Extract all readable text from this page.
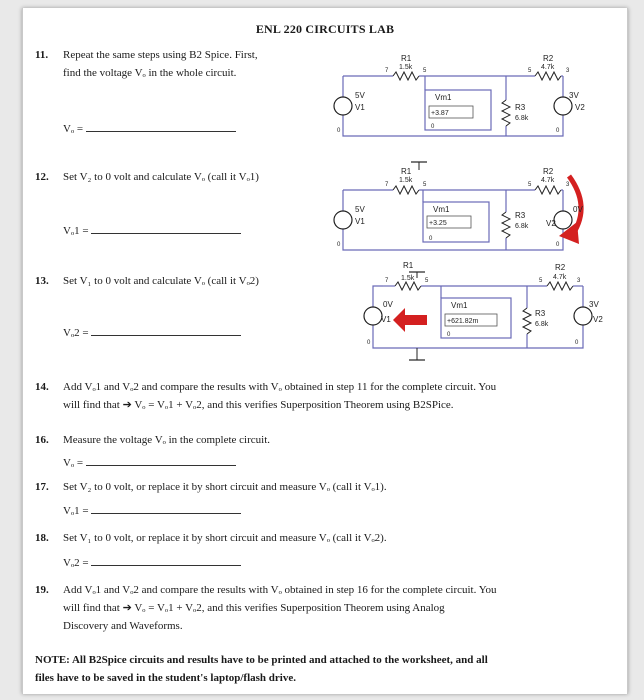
ENL 220 CIRCUITS LAB
11. Repeat the same steps using B2 Spice. First,
find the voltage Vₒ in the whole circuit.
Vₒ =
12. Set V₂ to 0 volt and calculate Vₒ (call it Vₒ1)
Vₒ1 =
13. Set V₁ to 0 volt and calculate Vₒ (call it Vₒ2)
Vₒ2 =
R1
1.5k
R2
4.7k
R3
6.8k
V1
5V
V2
3V
Vm1
+3.87
7	5	5	3
0
0
0
R1
1.5k
R2
4.7k
R3
6.8k
V1
5V
V2
0V
Vm1
+3.25
7	5	5	3
0
0
0
R1
1.5k
R2
4.7k
R3
6.8k
V1
0V
V2
3V
Vm1
+621.82m
7	5	5	3
0
0
0
14. Add Vₒ1 and Vₒ2 and compare the results with Vₒ obtained in step 11 for the complete circuit. You
will find that ➔ Vₒ = Vₒ1 + Vₒ2, and this verifies Superposition Theorem using B2SPice.
16. Measure the voltage Vₒ in the complete circuit.
Vₒ =
17. Set V₂ to 0 volt, or replace it by short circuit and measure Vₒ (call it Vₒ1).
Vₒ1 =
18. Set V₁ to 0 volt, or replace it by short circuit and measure Vₒ (call it Vₒ2).
Vₒ2 =
19. Add Vₒ1 and Vₒ2 and compare the results with Vₒ obtained in step 16 for the complete circuit. You
will find that ➔ Vₒ = Vₒ1 + Vₒ2, and this verifies Superposition Theorem using Analog
Discovery and Waveforms.
NOTE: All B2Spice circuits and results have to be printed and attached to the worksheet, and all
files have to be saved in the student's laptop/flash drive.
